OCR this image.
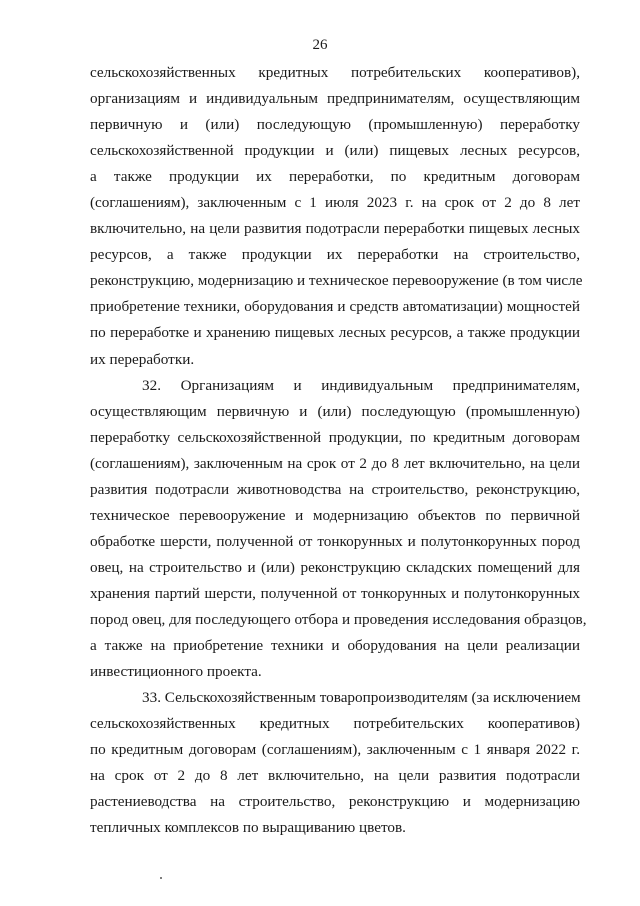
26
сельскохозяйственных кредитных потребительских кооперативов),
организациям и индивидуальным предпринимателям, осуществляющим
первичную и (или) последующую (промышленную) переработку
сельскохозяйственной продукции и (или) пищевых лесных ресурсов,
а также продукции их переработки, по кредитным договорам
(соглашениям), заключенным с 1 июля 2023 г. на срок от 2 до 8 лет
включительно, на цели развития подотрасли переработки пищевых лесных
ресурсов, а также продукции их переработки на строительство,
реконструкцию, модернизацию и техническое перевооружение (в том числе
приобретение техники, оборудования и средств автоматизации) мощностей
по переработке и хранению пищевых лесных ресурсов, а также продукции
их переработки.
32. Организациям и индивидуальным предпринимателям,
осуществляющим первичную и (или) последующую (промышленную)
переработку сельскохозяйственной продукции, по кредитным договорам
(соглашениям), заключенным на срок от 2 до 8 лет включительно, на цели
развития подотрасли животноводства на строительство, реконструкцию,
техническое перевооружение и модернизацию объектов по первичной
обработке шерсти, полученной от тонкорунных и полутонкорунных пород
овец, на строительство и (или) реконструкцию складских помещений для
хранения партий шерсти, полученной от тонкорунных и полутонкорунных
пород овец, для последующего отбора и проведения исследования образцов,
а также на приобретение техники и оборудования на цели реализации
инвестиционного проекта.
33. Сельскохозяйственным товаропроизводителям (за исключением
сельскохозяйственных кредитных потребительских кооперативов)
по кредитным договорам (соглашениям), заключенным с 1 января 2022 г.
на срок от 2 до 8 лет включительно, на цели развития подотрасли
растениеводства на строительство, реконструкцию и модернизацию
тепличных комплексов по выращиванию цветов.
